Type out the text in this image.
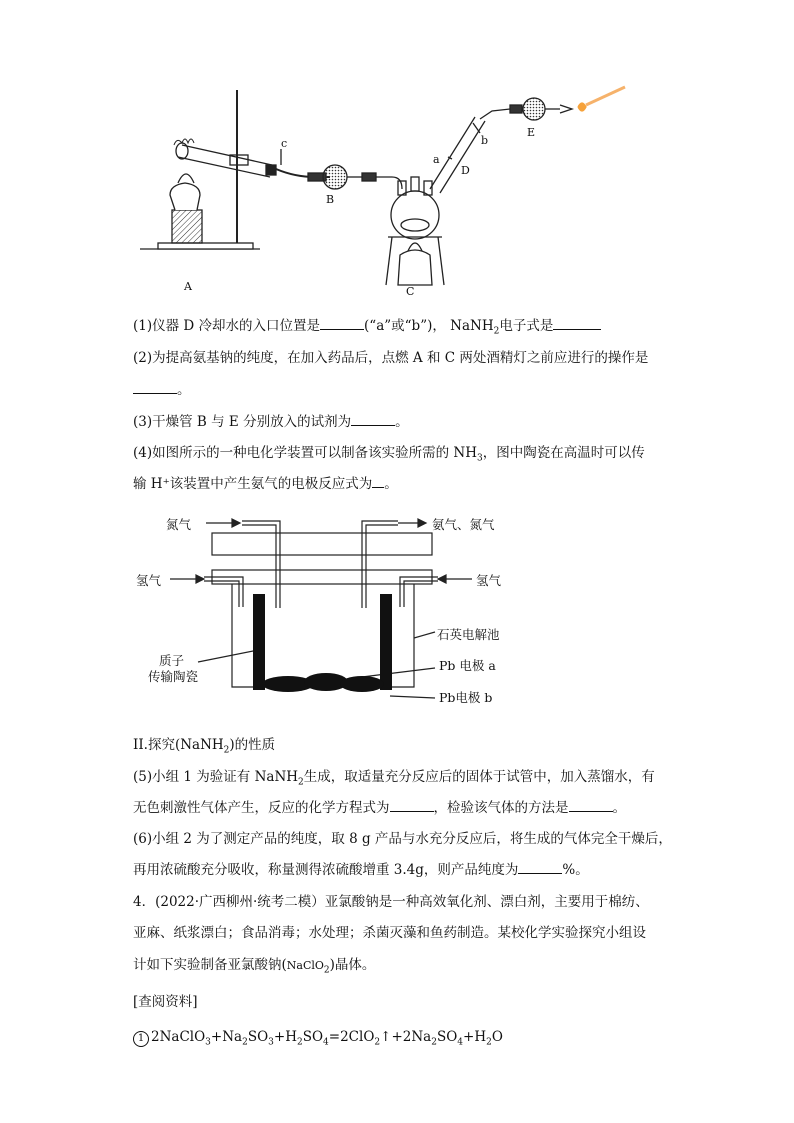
A
B
C
D
E
a
b
c
(1)仪器 D 冷却水的入口位置是	(“a”或“b”)， NaNH$_2$电子式是
(2)为提高氨基钠的纯度，在加入药品后，点燃 A 和 C 两处酒精灯之前应进行的操作是
。
(3)干燥管 B 与 E 分别放入的试剂为	。
(4)如图所示的一种电化学装置可以制备该实验所需的 $NH_3$，图中陶瓷在高温时可以传
输 H⁺该装置中产生氨气的电极反应式为 。
氮气	氨气、氮气
氢气	氢气
石英电解池
质子
传输陶瓷
Pb 电极 a
Pb电极 b
II.探究(NaNH$_2$)的性质
(5)小组 1 为验证有 NaNH$_2$生成，取适量充分反应后的固体于试管中，加入蒸馏水，有
无色刺激性气体产生，反应的化学方程式为	，检验该气体的方法是	。
(6)小组 2 为了测定产品的纯度，取 8 g 产品与水充分反应后，将生成的气体完全干燥后，
再用浓硫酸充分吸收，称量测得浓硫酸增重 3.4g，则产品纯度为	%。
4．(2022·广西柳州·统考二模）亚氯酸钠是一种高效氧化剂、漂白剂，主要用于棉纺、
亚麻、纸浆漂白；食品消毒；水处理；杀菌灭藻和鱼药制造。某校化学实验探究小组设
计如下实验制备亚氯酸钠(NaClO$_2$)晶体。
[查阅资料]
1 $2NaClO_3+Na_2SO_3+H_2SO_4=2ClO_2↑+2Na_2SO_4+H_2O$
